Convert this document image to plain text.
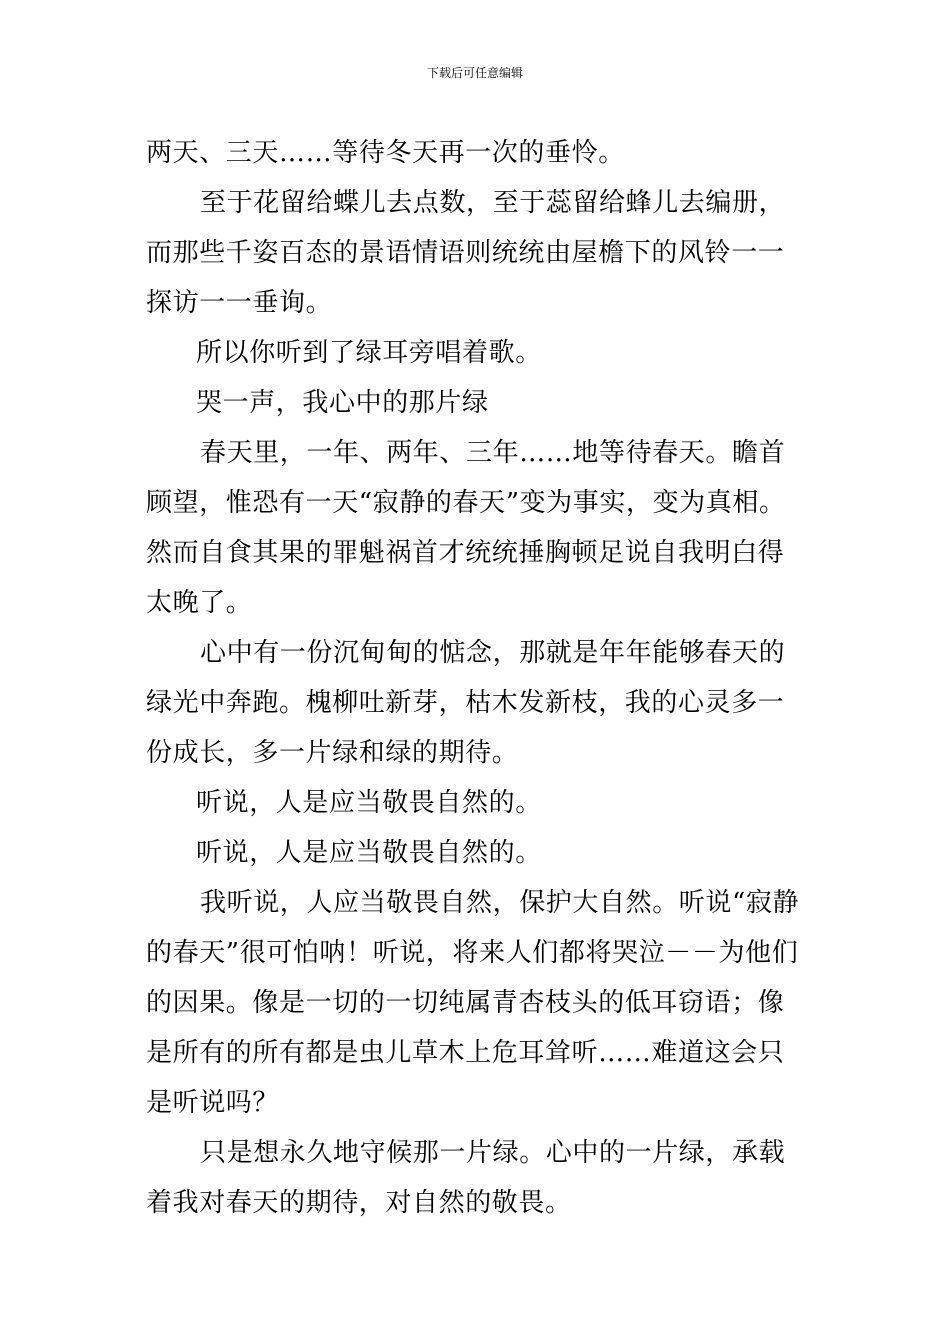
下载后可任意编辑

两天、三天……等待冬天再一次的垂怜。

至于花留给蝶儿去点数，至于蕊留给蜂儿去编册，而那些千姿百态的景语情语则统统由屋檐下的风铃一一探访一一垂询。

所以你听到了绿耳旁唱着歌。

哭一声，我心中的那片绿

春天里，一年、两年、三年……地等待春天。瞻首顾望，惟恐有一天“寂静的春天”变为事实，变为真相。然而自食其果的罪魁祸首才统统捶胸顿足说自我明白得太晚了。

心中有一份沉甸甸的惦念，那就是年年能够春天的绿光中奔跑。槐柳吐新芽，枯木发新枝，我的心灵多一份成长，多一片绿和绿的期待。

听说，人是应当敬畏自然的。

听说，人是应当敬畏自然的。

我听说，人应当敬畏自然，保护大自然。听说“寂静的春天”很可怕呐！听说，将来人们都将哭泣－－为他们的因果。像是一切的一切纯属青杏枝头的低耳窃语；像是所有的所有都是虫儿草木上危耳耸听……难道这会只是听说吗？

只是想永久地守候那一片绿。心中的一片绿，承载着我对春天的期待，对自然的敬畏。
